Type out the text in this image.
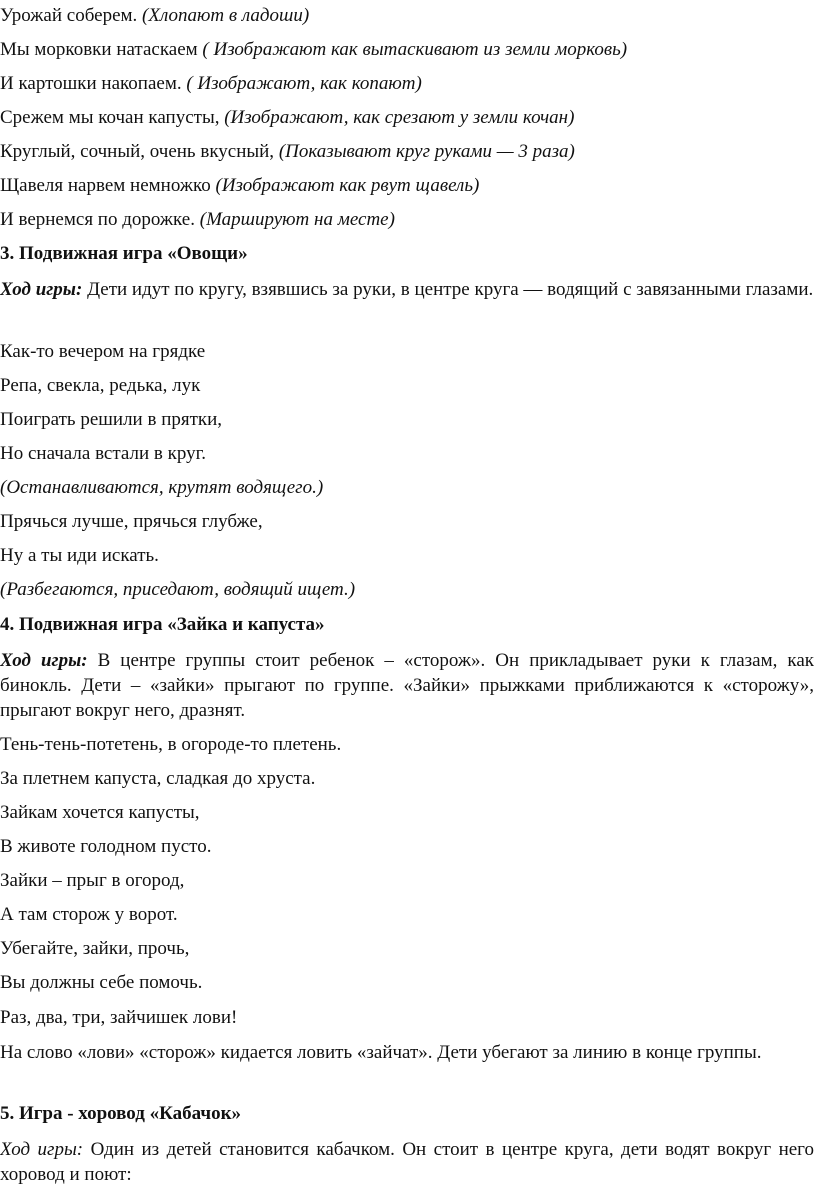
Урожай соберем. (Хлопают в ладоши)
Мы морковки натаскаем ( Изображают как вытаскивают из земли морковь)
И картошки накопаем. ( Изображают, как копают)
Срежем мы кочан капусты, (Изображают, как срезают у земли кочан)
Круглый, сочный, очень вкусный, (Показывают круг руками — 3 раза)
Щавеля нарвем немножко (Изображают как рвут щавель)
И вернемся по дорожке. (Маршируют на месте)
3. Подвижная игра «Овощи»
Ход игры: Дети идут по кругу, взявшись за руки, в центре круга — водящий с завязанными глазами.
Как-то вечером на грядке
Репа, свекла, редька, лук
Поиграть решили в прятки,
Но сначала встали в круг.
(Останавливаются, крутят водящего.)
Прячься лучше, прячься глубже,
Ну а ты иди искать.
(Разбегаются, приседают, водящий ищет.)
4. Подвижная игра «Зайка и капуста»
Ход игры: В центре группы стоит ребенок – «сторож». Он прикладывает руки к глазам, как бинокль. Дети – «зайки» прыгают по группе. «Зайки» прыжками приближаются к «сторожу», прыгают вокруг него, дразнят.
Тень-тень-потетень, в огороде-то плетень.
За плетнем капуста, сладкая до хруста.
Зайкам хочется капусты,
В животе голодном пусто.
Зайки – прыг в огород,
А там сторож у ворот.
Убегайте, зайки, прочь,
Вы должны себе помочь.
Раз, два, три, зайчишек лови!
На слово «лови» «сторож» кидается ловить «зайчат». Дети убегают за линию в конце группы.
5. Игра - хоровод «Кабачок»
Ход игры: Один из детей становится кабачком. Он стоит в центре круга, дети водят вокруг него хоровод и поют:
